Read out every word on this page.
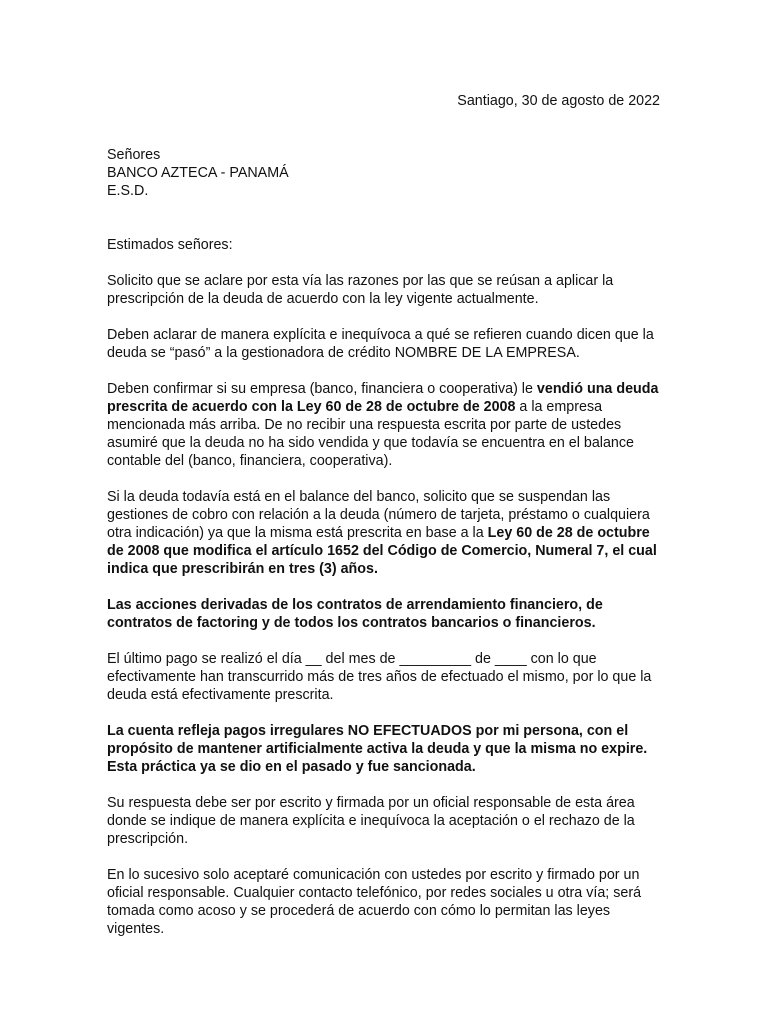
Santiago, 30 de agosto de 2022

Señores

BANCO AZTECA - PANAMÁ

E.S.D.

Estimados señores:

Solicito que se aclare por esta vía las razones por las que se reúsan a aplicar la prescripción de la deuda de acuerdo con la ley vigente actualmente.

Deben aclarar de manera explícita e inequívoca a qué se refieren cuando dicen que la deuda se “pasó” a la gestionadora de crédito NOMBRE DE LA EMPRESA.

Deben confirmar si su empresa (banco, financiera o cooperativa) le vendió una deuda prescrita de acuerdo con la Ley 60 de 28 de octubre de 2008 a la empresa mencionada más arriba. De no recibir una respuesta escrita por parte de ustedes asumiré que la deuda no ha sido vendida y que todavía se encuentra en el balance contable del (banco, financiera, cooperativa).

Si la deuda todavía está en el balance del banco, solicito que se suspendan las gestiones de cobro con relación a la deuda (número de tarjeta, préstamo o cualquiera otra indicación) ya que la misma está prescrita en base a la Ley 60 de 28 de octubre de 2008 que modifica el artículo 1652 del Código de Comercio, Numeral 7, el cual indica que prescribirán en tres (3) años.

Las acciones derivadas de los contratos de arrendamiento financiero, de contratos de factoring y de todos los contratos bancarios o financieros.

El último pago se realizó el día __ del mes de _________ de ____ con lo que efectivamente han transcurrido más de tres años de efectuado el mismo, por lo que la deuda está efectivamente prescrita.

La cuenta refleja pagos irregulares NO EFECTUADOS por mi persona, con el propósito de mantener artificialmente activa la deuda y que la misma no expire. Esta práctica ya se dio en el pasado y fue sancionada.

Su respuesta debe ser por escrito y firmada por un oficial responsable de esta área donde se indique de manera explícita e inequívoca la aceptación o el rechazo de la prescripción.

En lo sucesivo solo aceptaré comunicación con ustedes por escrito y firmado por un oficial responsable. Cualquier contacto telefónico, por redes sociales u otra vía; será tomada como acoso y se procederá de acuerdo con cómo lo permitan las leyes vigentes.
